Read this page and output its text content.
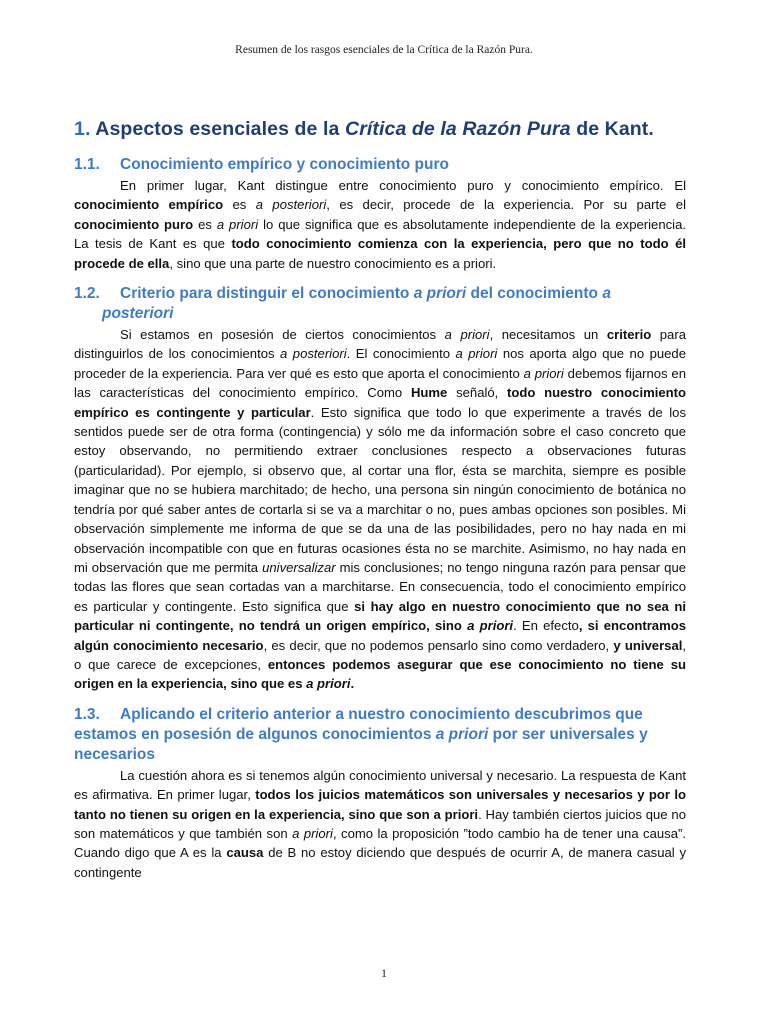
Resumen de los rasgos esenciales de la Crítica de la Razón Pura.
1. Aspectos esenciales de la Crítica de la Razón Pura de Kant.
1.1. Conocimiento empírico y conocimiento puro

En primer lugar, Kant distingue entre conocimiento puro y conocimiento empírico. El conocimiento empírico es a posteriori, es decir, procede de la experiencia. Por su parte el conocimiento puro es a priori lo que significa que es absolutamente independiente de la experiencia. La tesis de Kant es que todo conocimiento comienza con la experiencia, pero que no todo él procede de ella, sino que una parte de nuestro conocimiento es a priori.

1.2. Criterio para distinguir el conocimiento a priori del conocimiento a
posteriori

Si estamos en posesión de ciertos conocimientos a priori, necesitamos un criterio para distinguirlos de los conocimientos a posteriori. El conocimiento a priori nos aporta algo que no puede proceder de la experiencia. Para ver qué es esto que aporta el conocimiento a priori debemos fijarnos en las características del conocimiento empírico. Como Hume señaló, todo nuestro conocimiento empírico es contingente y particular. Esto significa que todo lo que experimente a través de los sentidos puede ser de otra forma (contingencia) y sólo me da información sobre el caso concreto que estoy observando, no permitiendo extraer conclusiones respecto a observaciones futuras (particularidad). Por ejemplo, si observo que, al cortar una flor, ésta se marchita, siempre es posible imaginar que no se hubiera marchitado; de hecho, una persona sin ningún conocimiento de botánica no tendría por qué saber antes de cortarla si se va a marchitar o no, pues ambas opciones son posibles. Mi observación simplemente me informa de que se da una de las posibilidades, pero no hay nada en mi observación incompatible con que en futuras ocasiones ésta no se marchite. Asimismo, no hay nada en mi observación que me permita universalizar mis conclusiones; no tengo ninguna razón para pensar que todas las flores que sean cortadas van a marchitarse. En consecuencia, todo el conocimiento empírico es particular y contingente. Esto significa que si hay algo en nuestro conocimiento que no sea ni particular ni contingente, no tendrá un origen empírico, sino a priori. En efecto, si encontramos algún conocimiento necesario, es decir, que no podemos pensarlo sino como verdadero, y universal, o que carece de excepciones, entonces podemos asegurar que ese conocimiento no tiene su origen en la experiencia, sino que es a priori.

1.3. Aplicando el criterio anterior a nuestro conocimiento descubrimos que estamos en posesión de algunos conocimientos a priori por ser universales y necesarios

La cuestión ahora es si tenemos algún conocimiento universal y necesario. La respuesta de Kant es afirmativa. En primer lugar, todos los juicios matemáticos son universales y necesarios y por lo tanto no tienen su origen en la experiencia, sino que son a priori. Hay también ciertos juicios que no son matemáticos y que también son a priori, como la proposición ”todo cambio ha de tener una causa”. Cuando digo que A es la causa de B no estoy diciendo que después de ocurrir A, de manera casual y contingente

1
